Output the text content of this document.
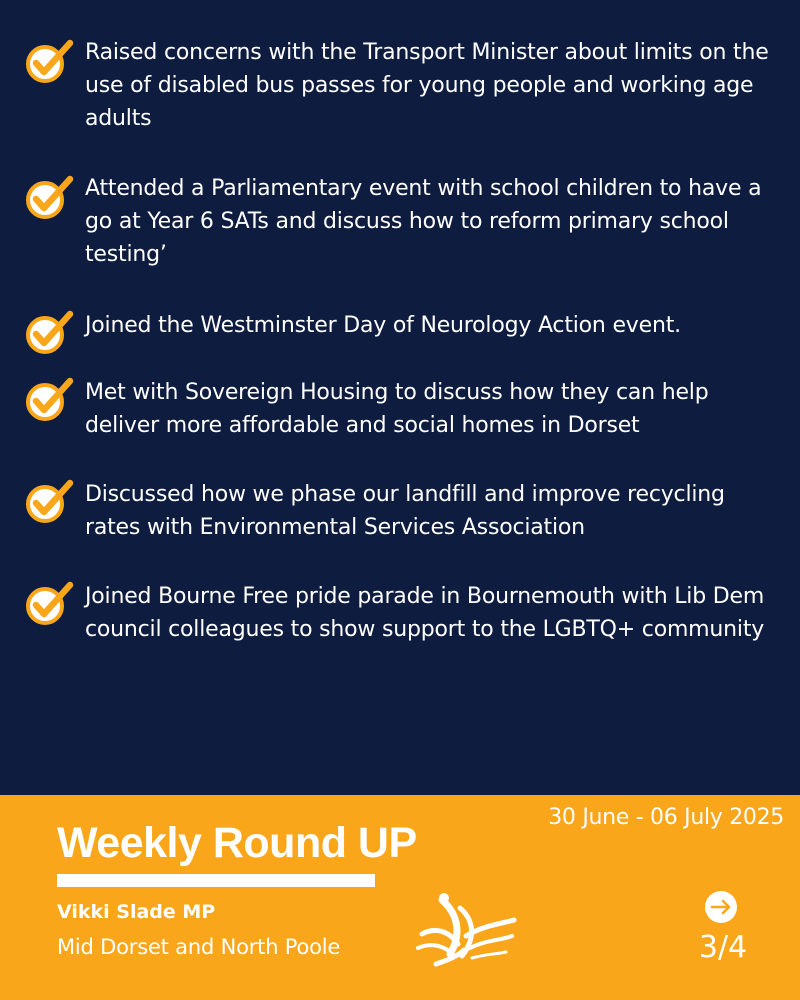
Raised concerns with the Transport Minister about limits on the use of disabled bus passes for young people and working age adults
Attended a Parliamentary event with school children to have a go at Year 6 SATs and discuss how to reform primary school testing’
Joined the Westminster Day of Neurology Action event.
Met with Sovereign Housing to discuss how they can help deliver more affordable and social homes in Dorset
Discussed how we phase our landfill and improve recycling rates with Environmental Services Association
Joined Bourne Free pride parade in Bournemouth with Lib Dem council colleagues to show support to the LGBTQ+ community
30 June - 06 July 2025
Weekly Round UP
Vikki Slade MP
Mid Dorset and North Poole	3/4
